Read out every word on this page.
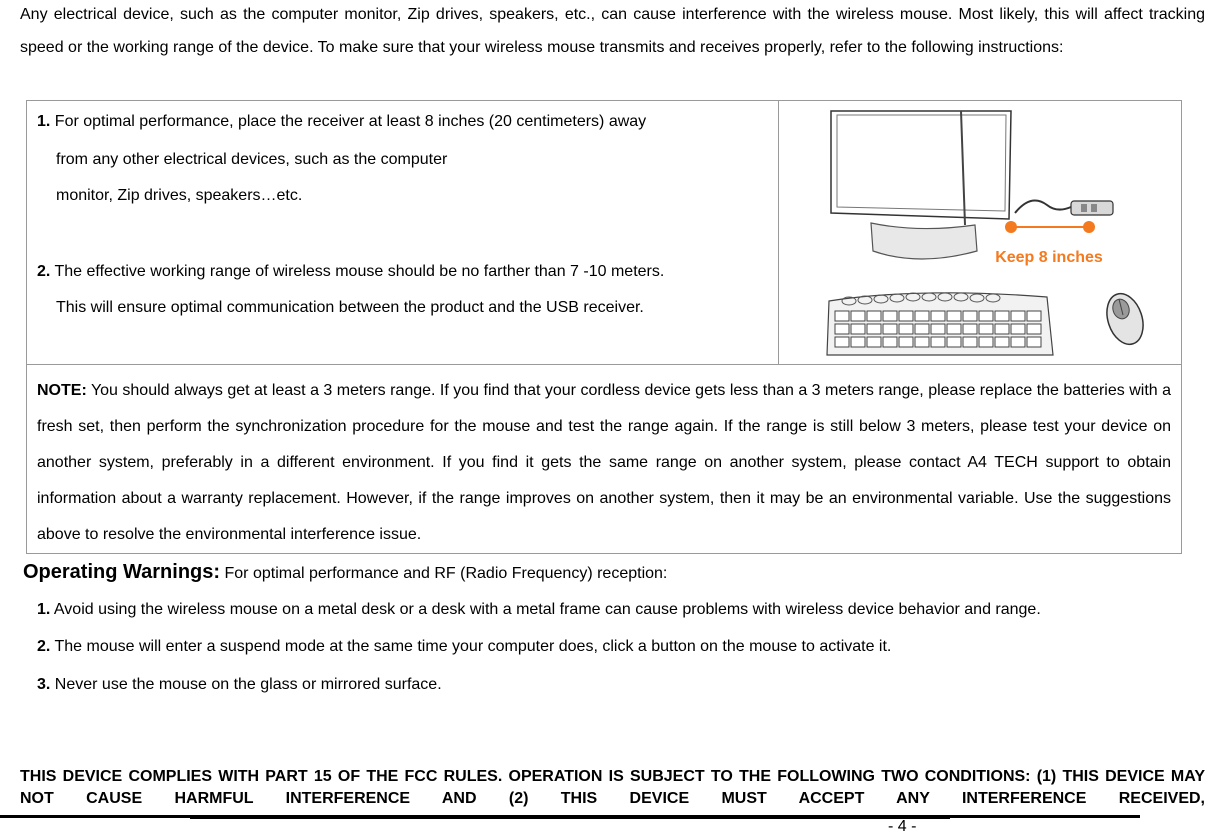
Any electrical device, such as the computer monitor, Zip drives, speakers, etc., can cause interference with the wireless mouse. Most likely, this will affect tracking speed or the working range of the device. To make sure that your wireless mouse transmits and receives properly, refer to the following instructions:

1. For optimal performance, place the receiver at least 8 inches (20 centimeters) away
from any other electrical devices, such as the computer
monitor, Zip drives, speakers…etc.
2. The effective working range of wireless mouse should be no farther than 7 -10 meters.
This will ensure optimal communication between the product and the USB receiver.

Keep 8 inches

NOTE: You should always get at least a 3 meters range. If you find that your cordless device gets less than a 3 meters range, please replace the batteries with a fresh set, then perform the synchronization procedure for the mouse and test the range again. If the range is still below 3 meters, please test your device on another system, preferably in a different environment. If you find it gets the same range on another system, please contact A4 TECH support to obtain information about a warranty replacement. However, if the range improves on another system, then it may be an environmental variable. Use the suggestions above to resolve the environmental interference issue.

Operating Warnings: For optimal performance and RF (Radio Frequency) reception:
1. Avoid using the wireless mouse on a metal desk or a desk with a metal frame can cause problems with wireless device behavior and range.
2. The mouse will enter a suspend mode at the same time your computer does, click a button on the mouse to activate it.
3. Never use the mouse on the glass or mirrored surface.

THIS DEVICE COMPLIES WITH PART 15 OF THE FCC RULES. OPERATION IS SUBJECT TO THE FOLLOWING TWO CONDITIONS: (1) THIS DEVICE MAY NOT CAUSE HARMFUL INTERFERENCE AND (2) THIS DEVICE MUST ACCEPT ANY INTERFERENCE RECEIVED,

- 4 -
